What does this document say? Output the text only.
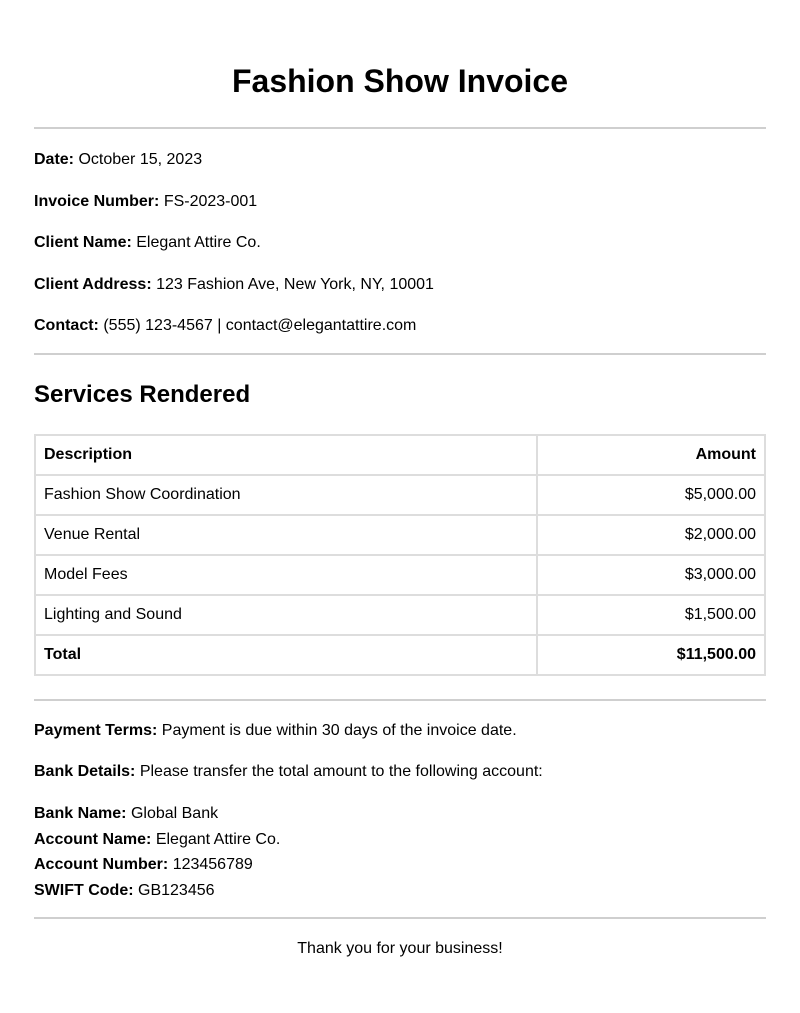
Fashion Show Invoice
Date: October 15, 2023
Invoice Number: FS-2023-001
Client Name: Elegant Attire Co.
Client Address: 123 Fashion Ave, New York, NY, 10001
Contact: (555) 123-4567 | contact@elegantattire.com
Services Rendered
Description	Amount
Fashion Show Coordination	$5,000.00
Venue Rental	$2,000.00
Model Fees	$3,000.00
Lighting and Sound	$1,500.00
Total	$11,500.00
Payment Terms: Payment is due within 30 days of the invoice date.
Bank Details: Please transfer the total amount to the following account:
Bank Name: Global Bank
Account Name: Elegant Attire Co.
Account Number: 123456789
SWIFT Code: GB123456
Thank you for your business!
